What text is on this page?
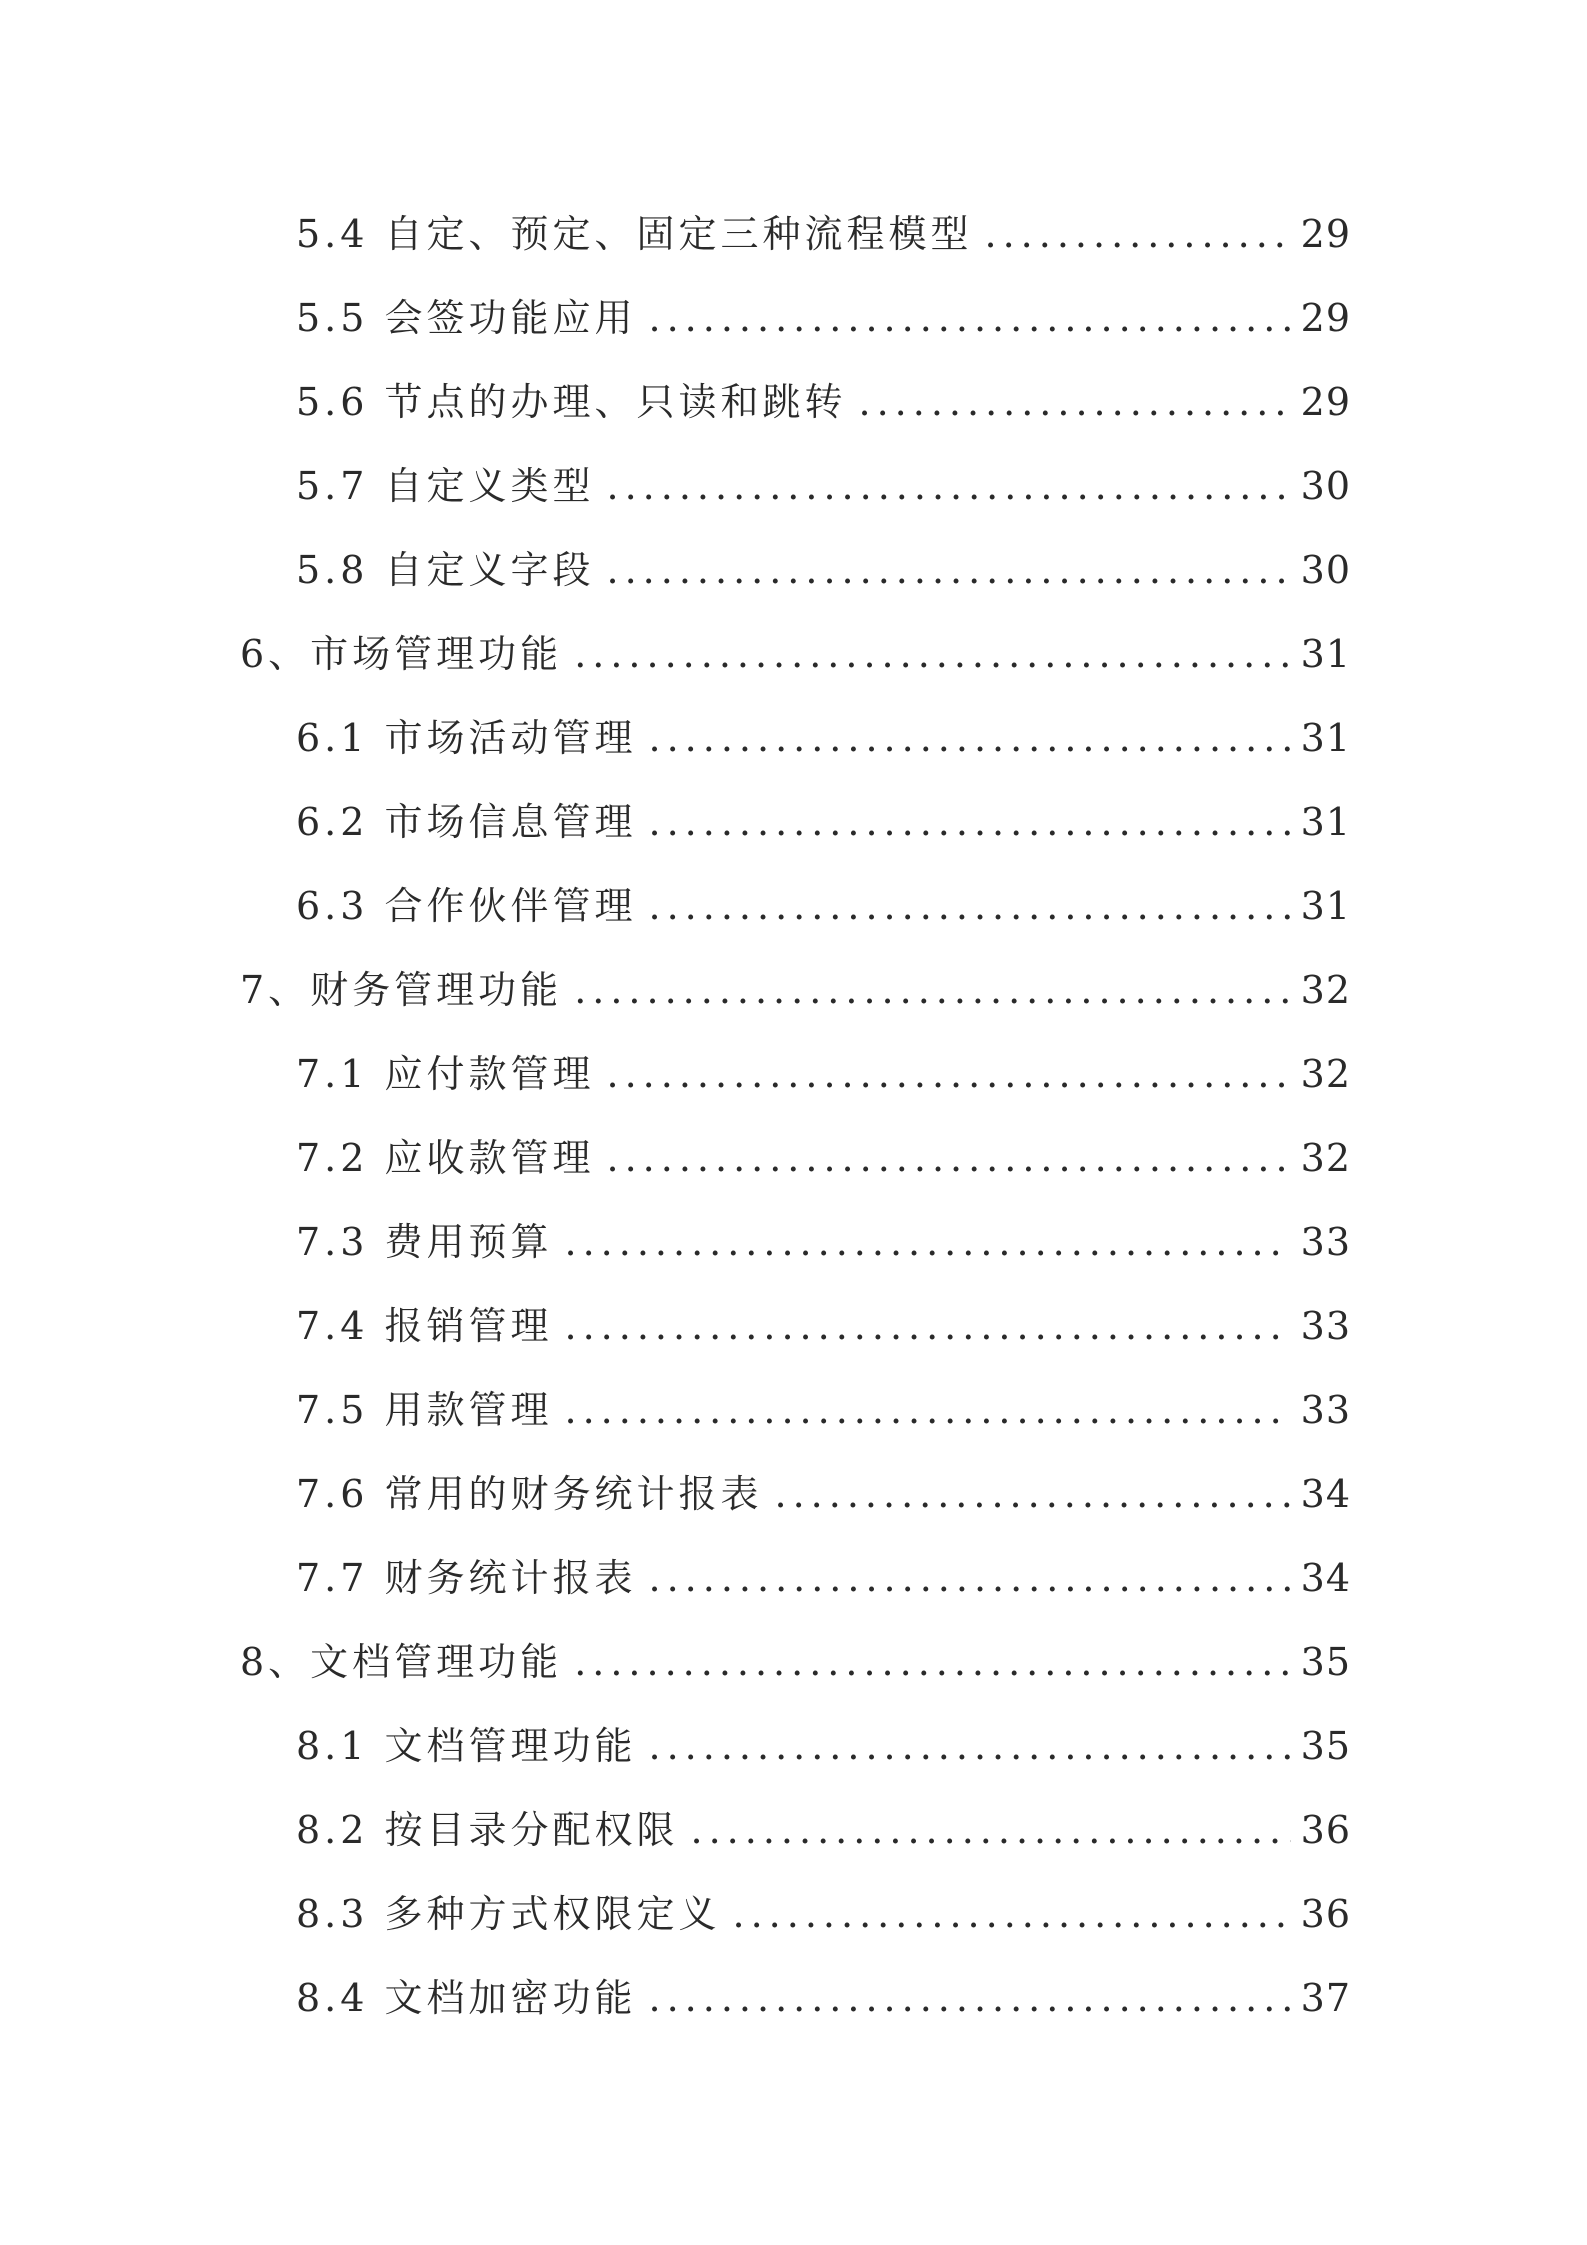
5.4 自定、预定、固定三种流程模型 .....	29
5.5 会签功能应用 .....	29
5.6 节点的办理、只读和跳转 .....	29
5.7 自定义类型 .....	30
5.8 自定义字段 .....	30
6、市场管理功能 .....	31
6.1 市场活动管理 .....	31
6.2 市场信息管理 .....	31
6.3 合作伙伴管理 .....	31
7、财务管理功能 .....	32
7.1 应付款管理 .....	32
7.2 应收款管理 .....	32
7.3 费用预算 .....	33
7.4 报销管理 .....	33
7.5 用款管理 .....	33
7.6 常用的财务统计报表 .....	34
7.7 财务统计报表 .....	34
8、文档管理功能 .....	35
8.1 文档管理功能 .....	35
8.2 按目录分配权限 .....	36
8.3 多种方式权限定义 .....	36
8.4 文档加密功能 .....	37
